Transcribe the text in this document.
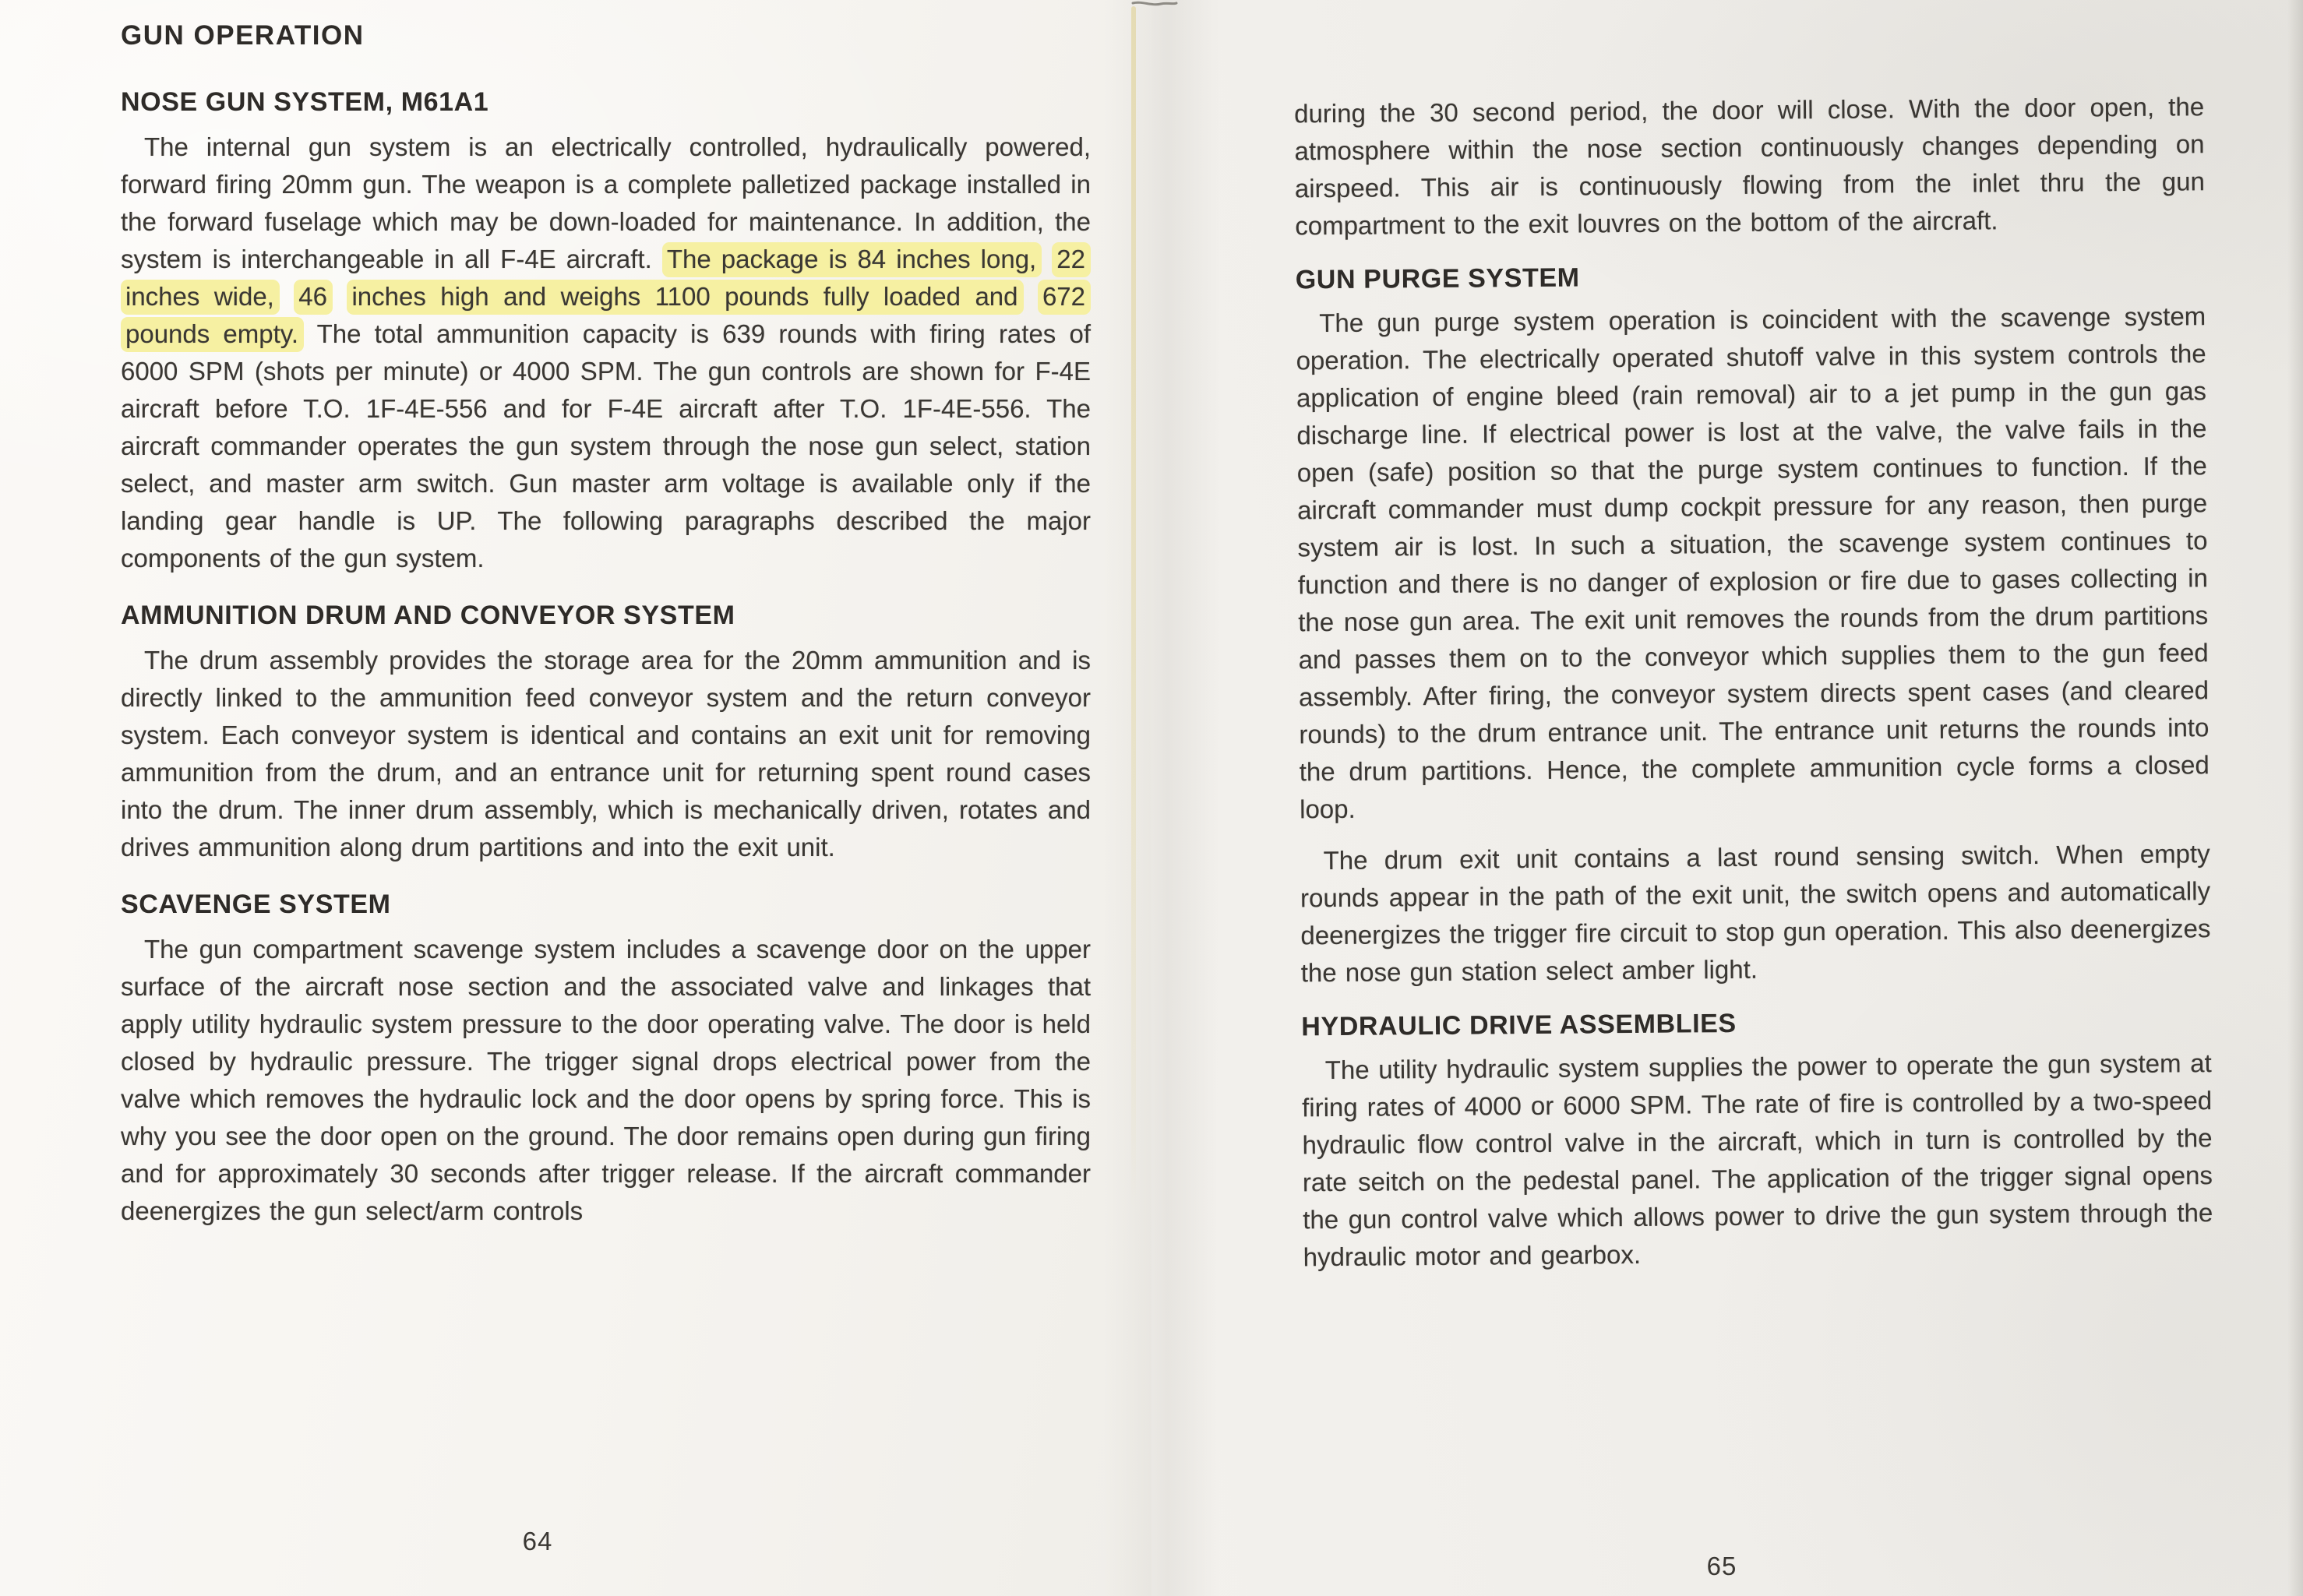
GUN OPERATION
NOSE GUN SYSTEM, M61A1

The internal gun system is an electrically controlled, hydraulically powered, forward firing 20mm gun. The weapon is a complete palletized package installed in the forward fuselage which may be down-loaded for maintenance. In addition, the system is interchangeable in all F-4E aircraft. The package is 84 inches long, 22 inches wide, 46 inches high and weighs 1100 pounds fully loaded and 672 pounds empty. The total ammunition capacity is 639 rounds with firing rates of 6000 SPM (shots per minute) or 4000 SPM. The gun controls are shown for F-4E aircraft before T.O. 1F-4E-556 and for F-4E aircraft after T.O. 1F-4E-556. The aircraft commander operates the gun system through the nose gun select, station select, and master arm switch. Gun master arm voltage is available only if the landing gear handle is UP. The following paragraphs described the major components of the gun system.

AMMUNITION DRUM AND CONVEYOR SYSTEM

The drum assembly provides the storage area for the 20mm ammunition and is directly linked to the ammunition feed conveyor system and the return conveyor system. Each conveyor system is identical and contains an exit unit for removing ammunition from the drum, and an entrance unit for returning spent round cases into the drum. The inner drum assembly, which is mechanically driven, rotates and drives ammunition along drum partitions and into the exit unit.

SCAVENGE SYSTEM

The gun compartment scavenge system includes a scavenge door on the upper surface of the aircraft nose section and the associated valve and linkages that apply utility hydraulic system pressure to the door operating valve. The door is held closed by hydraulic pressure. The trigger signal drops electrical power from the valve which removes the hydraulic lock and the door opens by spring force. This is why you see the door open on the ground. The door remains open during gun firing and for approximately 30 seconds after trigger release. If the aircraft commander deenergizes the gun select/arm controls

64

during the 30 second period, the door will close. With the door open, the atmosphere within the nose section continuously changes depending on airspeed. This air is continuously flowing from the inlet thru the gun compartment to the exit louvres on the bottom of the aircraft.

GUN PURGE SYSTEM

The gun purge system operation is coincident with the scavenge system operation. The electrically operated shutoff valve in this system controls the application of engine bleed (rain removal) air to a jet pump in the gun gas discharge line. If electrical power is lost at the valve, the valve fails in the open (safe) position so that the purge system continues to function. If the aircraft commander must dump cockpit pressure for any reason, then purge system air is lost. In such a situation, the scavenge system continues to function and there is no danger of explosion or fire due to gases collecting in the nose gun area. The exit unit removes the rounds from the drum partitions and passes them on to the conveyor which supplies them to the gun feed assembly. After firing, the conveyor system directs spent cases (and cleared rounds) to the drum entrance unit. The entrance unit returns the rounds into the drum partitions. Hence, the complete ammunition cycle forms a closed loop.

The drum exit unit contains a last round sensing switch. When empty rounds appear in the path of the exit unit, the switch opens and automatically deenergizes the trigger fire circuit to stop gun operation. This also deenergizes the nose gun station select amber light.

HYDRAULIC DRIVE ASSEMBLIES

The utility hydraulic system supplies the power to operate the gun system at firing rates of 4000 or 6000 SPM. The rate of fire is controlled by a two-speed hydraulic flow control valve in the aircraft, which in turn is controlled by the rate seitch on the pedestal panel. The application of the trigger signal opens the gun control valve which allows power to drive the gun system through the hydraulic motor and gearbox.

65
